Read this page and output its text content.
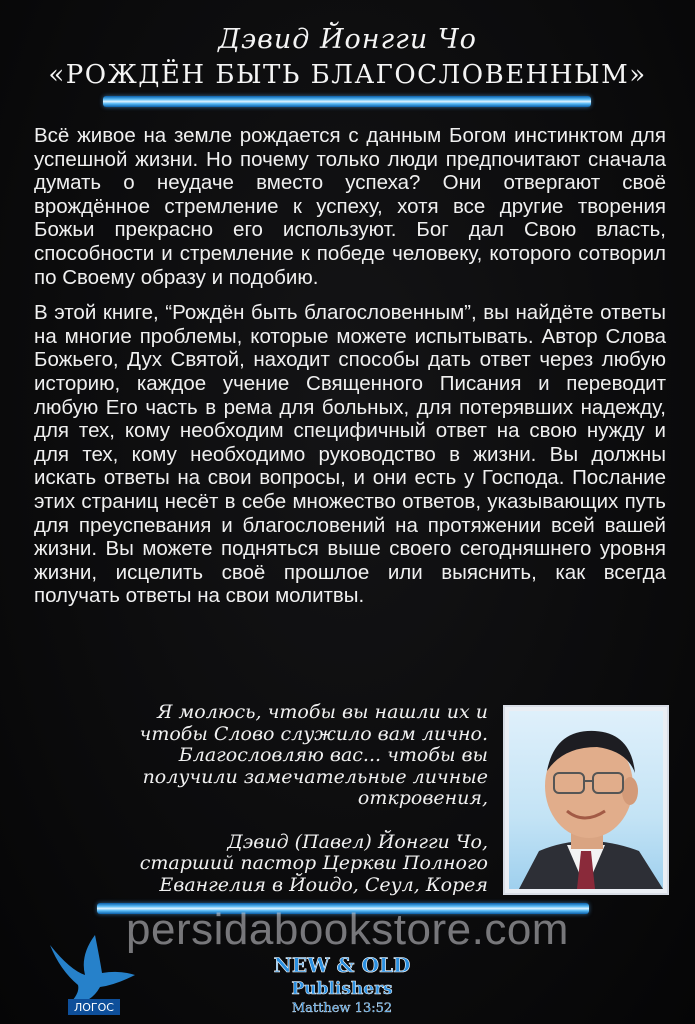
Дэвид Йонгги Чо
«РОЖДЁН БЫТЬ БЛАГОСЛОВЕННЫМ»

Всё живое на земле рождается с данным Богом инстинктом для успешной жизни. Но почему только люди предпочитают сначала думать о неудаче вместо успеха? Они отвергают своё врождённое стремление к успеху, хотя все другие творения Божьи прекрасно его используют. Бог дал Свою власть, способности и стремление к победе человеку, которого сотворил по Своему образу и подобию.

В этой книге, “Рождён быть благословенным”, вы найдёте ответы на многие проблемы, которые можете испытывать. Автор Слова Божьего, Дух Святой, находит способы дать ответ через любую историю, каждое учение Священного Писания и переводит любую Его часть в рема для больных, для потерявших надежду, для тех, кому необходим специфичный ответ на свою нужду и для тех, кому необходимо руководство в жизни. Вы должны искать ответы на свои вопросы, и они есть у Господа. Послание этих страниц несёт в себе множество ответов, указывающих путь для преуспевания и благословений на протяжении всей вашей жизни. Вы можете подняться выше своего сегодняшнего уровня жизни, исцелить своё прошлое или выяснить, как всегда получать ответы на свои молитвы.

Я молюсь, чтобы вы нашли их и
чтобы Слово служило вам лично.
Благословляю вас... чтобы вы
получили замечательные личные
откровения,

Дэвид (Павел) Йонгги Чо,
старший пастор Церкви Полного
Евангелия в Йоидо, Сеул, Корея

persidabookstore.com
ЛОГОС
NEW & OLD
Publishers
Matthew 13:52
